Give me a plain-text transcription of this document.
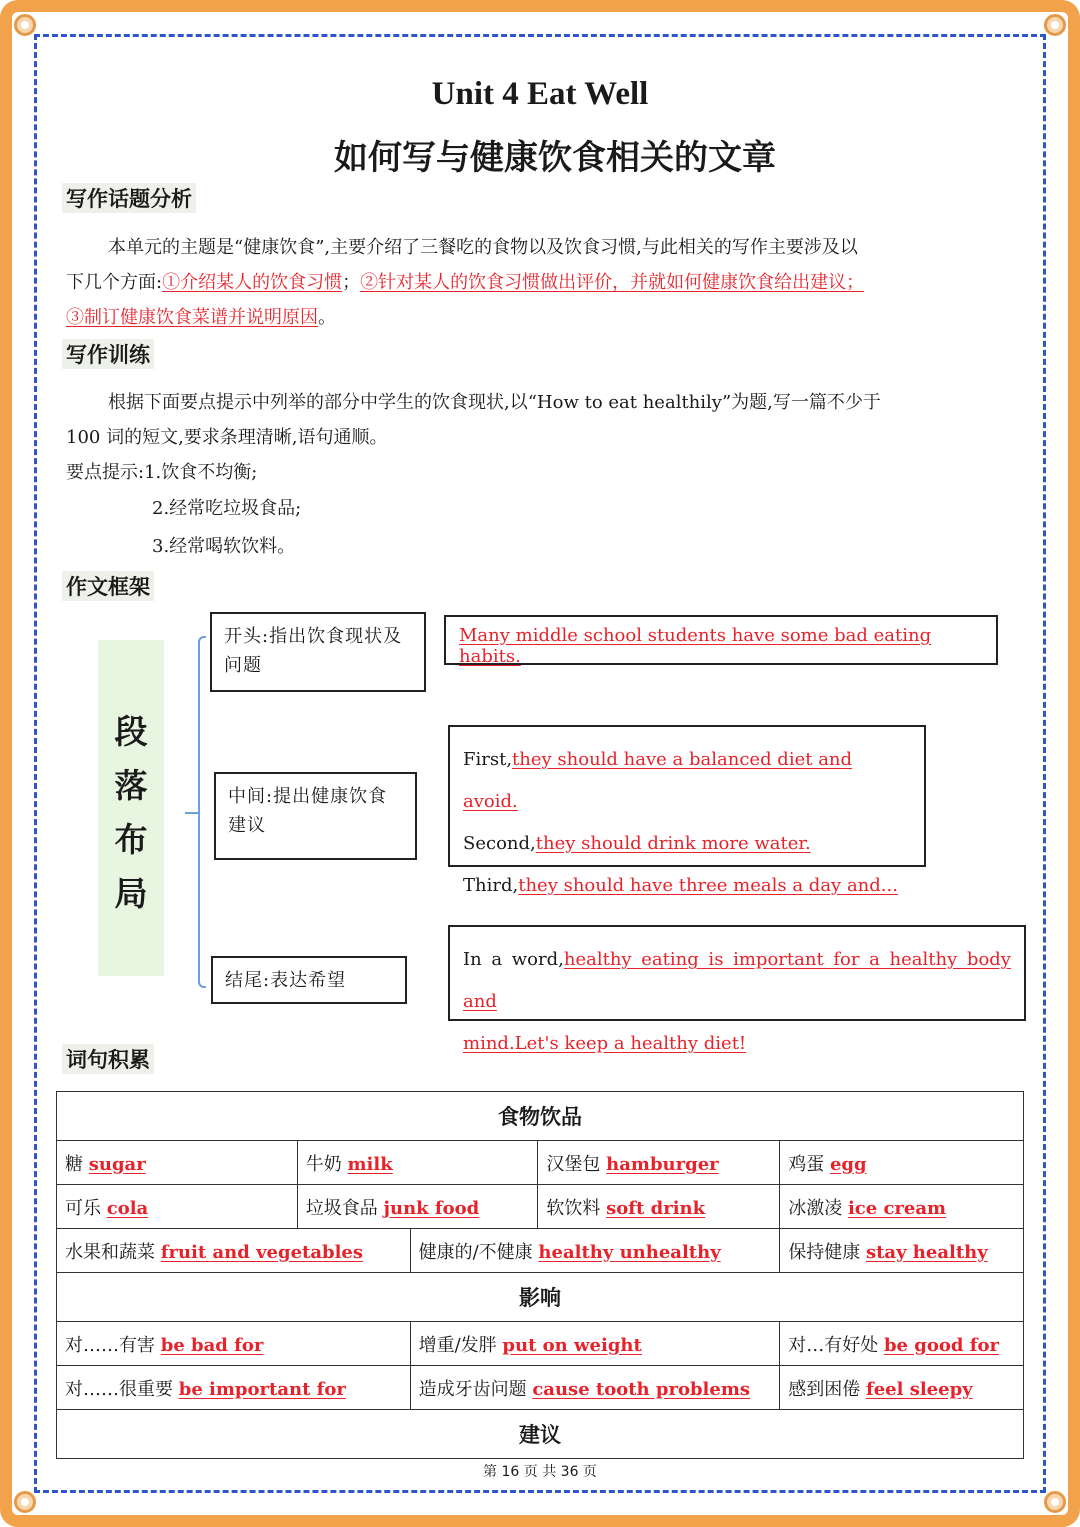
Unit 4 Eat Well
如何写与健康饮食相关的文章
写作话题分析
本单元的主题是“健康饮食”,主要介绍了三餐吃的食物以及饮食习惯,与此相关的写作主要涉及以
下几个方面:①介绍某人的饮食习惯；②针对某人的饮食习惯做出评价，并就如何健康饮食给出建议；
③制订健康饮食菜谱并说明原因。
写作训练
根据下面要点提示中列举的部分中学生的饮食现状,以“How to eat healthily”为题,写一篇不少于
100 词的短文,要求条理清晰,语句通顺。
要点提示:1.饮食不均衡;
2.经常吃垃圾食品;
3.经常喝软饮料。
作文框架
段
落
布
局
开头:指出饮食现状及问题
Many middle school students have some bad eating habits.
中间:提出健康饮食建议
First,they should have a balanced diet and avoid.
Second,they should drink more water.
Third,they should have three meals a day and...
结尾:表达希望
In a word,healthy eating is important for a healthy body and
mind.Let's keep a healthy diet!
词句积累
食物饮品				
糖 sugar	牛奶 milk		汉堡包 hamburger	鸡蛋 egg
可乐 cola	垃圾食品 junk food		软饮料 soft drink	冰激凌 ice cream
水果和蔬菜 fruit and vegetables		健康的/不健康 healthy unhealthy		保持健康 stay healthy
影响				
对……有害 be bad for		增重/发胖 put on weight		对…有好处 be good for
对……很重要 be important for		造成牙齿问题 cause tooth problems		感到困倦 feel sleepy
建议				
第 16 页 共 36 页
